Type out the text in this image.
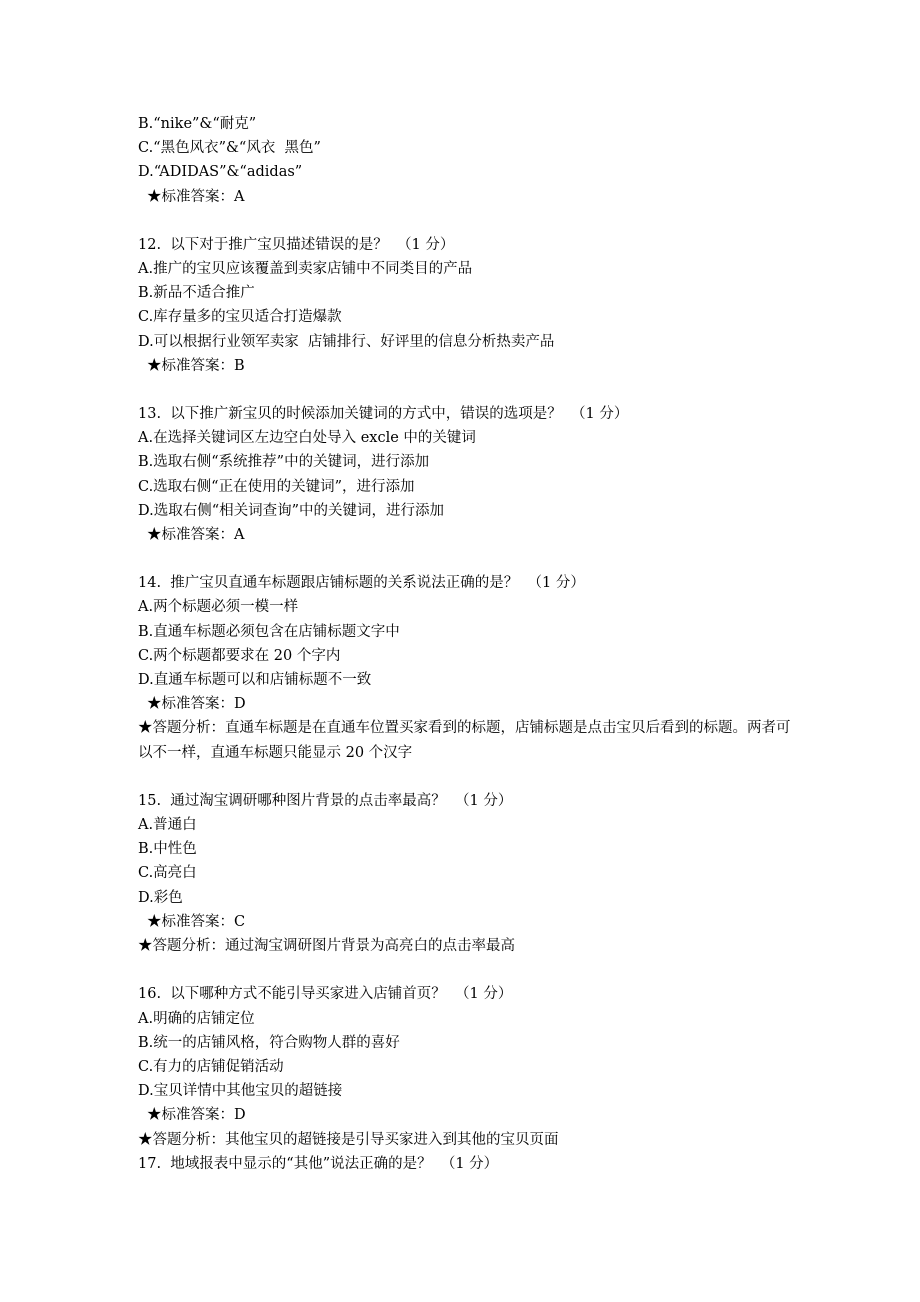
B.“nike”&“耐克”
C.“黑色风衣”&“风衣  黑色”
D.“ADIDAS”&“adidas”
★标准答案：A
12.  以下对于推广宝贝描述错误的是？  （1 分）
A.推广的宝贝应该覆盖到卖家店铺中不同类目的产品
B.新品不适合推广
C.库存量多的宝贝适合打造爆款
D.可以根据行业领军卖家  店铺排行、好评里的信息分析热卖产品
★标准答案：B
13.  以下推广新宝贝的时候添加关键词的方式中，错误的选项是？  （1 分）
A.在选择关键词区左边空白处导入 excle 中的关键词
B.选取右侧“系统推荐”中的关键词，进行添加
C.选取右侧“正在使用的关键词”，进行添加
D.选取右侧“相关词查询”中的关键词，进行添加
★标准答案：A
14.  推广宝贝直通车标题跟店铺标题的关系说法正确的是？  （1 分）
A.两个标题必须一模一样
B.直通车标题必须包含在店铺标题文字中
C.两个标题都要求在 20 个字内
D.直通车标题可以和店铺标题不一致
★标准答案：D
★答题分析：直通车标题是在直通车位置买家看到的标题，店铺标题是点击宝贝后看到的标题。两者可以不一样，直通车标题只能显示 20 个汉字
15.  通过淘宝调研哪种图片背景的点击率最高？  （1 分）
A.普通白
B.中性色
C.高亮白
D.彩色
★标准答案：C
★答题分析：通过淘宝调研图片背景为高亮白的点击率最高
16.  以下哪种方式不能引导买家进入店铺首页？  （1 分）
A.明确的店铺定位
B.统一的店铺风格，符合购物人群的喜好
C.有力的店铺促销活动
D.宝贝详情中其他宝贝的超链接
★标准答案：D
★答题分析：其他宝贝的超链接是引导买家进入到其他的宝贝页面
17.  地域报表中显示的“其他”说法正确的是？  （1 分）
